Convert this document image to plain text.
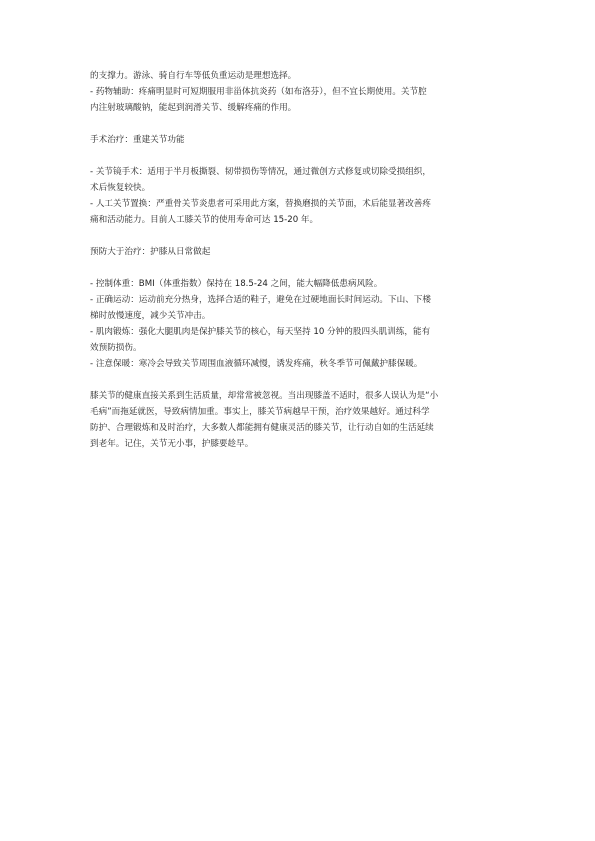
的支撑力。游泳、骑自行车等低负重运动是理想选择。
- 药物辅助：疼痛明显时可短期服用非甾体抗炎药（如布洛芬），但不宜长期使用。关节腔
内注射玻璃酸钠，能起到润滑关节、缓解疼痛的作用。
手术治疗：重建关节功能
- 关节镜手术：适用于半月板撕裂、韧带损伤等情况，通过微创方式修复或切除受损组织，
术后恢复较快。
- 人工关节置换：严重骨关节炎患者可采用此方案，替换磨损的关节面，术后能显著改善疼
痛和活动能力。目前人工膝关节的使用寿命可达 15-20 年。
预防大于治疗：护膝从日常做起
- 控制体重：BMI（体重指数）保持在 18.5-24 之间，能大幅降低患病风险。
- 正确运动：运动前充分热身，选择合适的鞋子，避免在过硬地面长时间运动。下山、下楼
梯时放慢速度，减少关节冲击。
- 肌肉锻炼：强化大腿肌肉是保护膝关节的核心，每天坚持 10 分钟的股四头肌训练，能有
效预防损伤。
- 注意保暖：寒冷会导致关节周围血液循环减慢，诱发疼痛，秋冬季节可佩戴护膝保暖。
膝关节的健康直接关系到生活质量，却常常被忽视。当出现膝盖不适时，很多人误认为是“小
毛病”而拖延就医，导致病情加重。事实上，膝关节病越早干预，治疗效果越好。通过科学
防护、合理锻炼和及时治疗，大多数人都能拥有健康灵活的膝关节，让行动自如的生活延续
到老年。记住，关节无小事，护膝要趁早。
